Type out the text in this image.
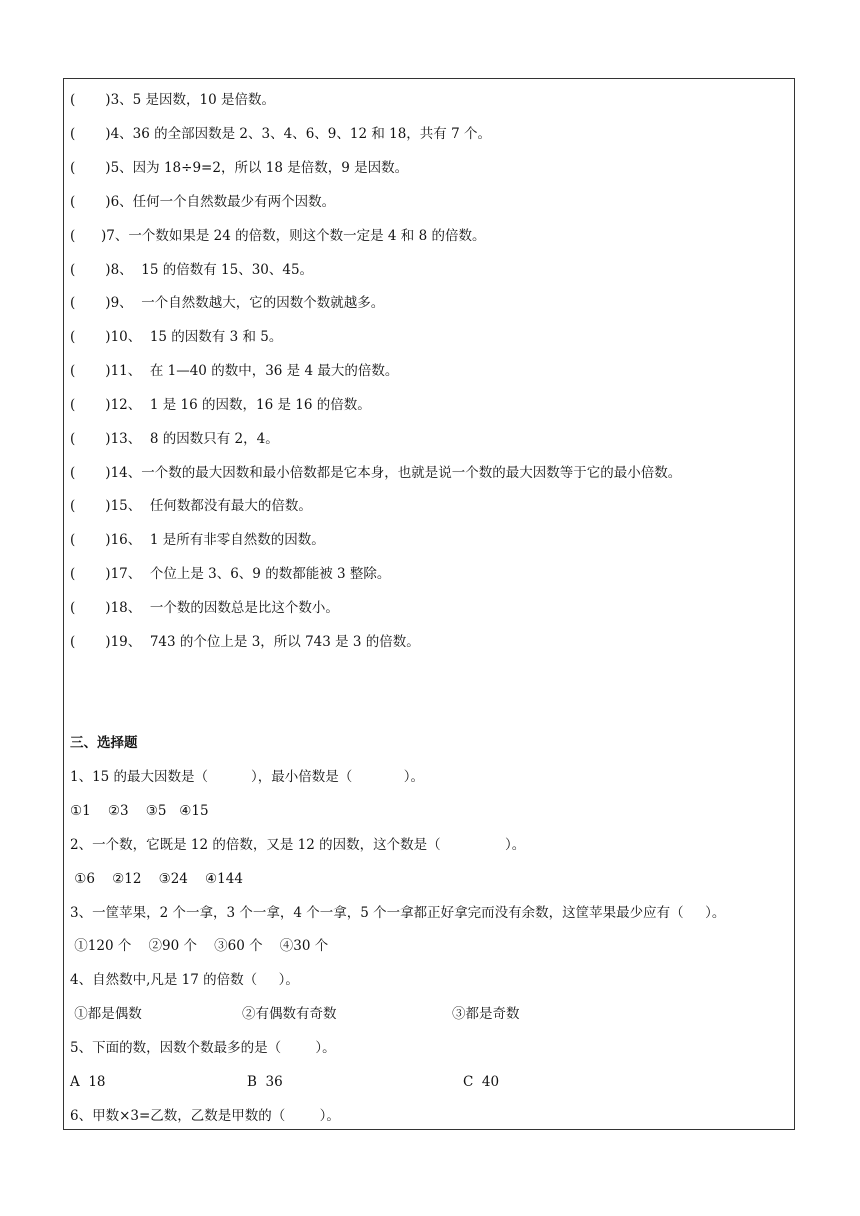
(       ) 3、5 是因数，10 是倍数。
(       ) 4、36 的全部因数是 2、3、4、6、9、12 和 18，共有 7 个。
(       ) 5、因为 18÷9=2，所以 18 是倍数，9 是因数。
(       ) 6、任何一个自然数最少有两个因数。
(      ) 7、一个数如果是 24 的倍数，则这个数一定是 4 和 8 的倍数。
(       ) 8、  15 的倍数有 15、30、45。
(       ) 9、  一个自然数越大，它的因数个数就越多。
(       ) 10、  15 的因数有 3 和 5。
(       ) 11、  在 1—40 的数中，36 是 4 最大的倍数。
(       ) 12、  1 是 16 的因数，16 是 16 的倍数。
(       ) 13、  8 的因数只有 2，4。
(       ) 14、一个数的最大因数和最小倍数都是它本身，也就是说一个数的最大因数等于它的最小倍数。
(       ) 15、  任何数都没有最大的倍数。
(       ) 16、  1 是所有非零自然数的因数。
(       ) 17、  个位上是 3、6、9 的数都能被 3 整除。
(       ) 18、  一个数的因数总是比这个数小。
(       ) 19、  743 的个位上是 3，所以 743 是 3 的倍数。
三、选择题
1、15 的最大因数是（          ），最小倍数是（            ）。
①1    ②3    ③5   ④15
2、一个数，它既是 12 的倍数，又是 12 的因数，这个数是（               ）。
①6    ②12    ③24    ④144
3、一筐苹果，2 个一拿，3 个一拿，4 个一拿，5 个一拿都正好拿完而没有余数，这筐苹果最少应有（     ）。
①120 个    ②90 个    ③60 个    ④30 个
4、自然数中,凡是 17 的倍数（     ）。
①都是偶数	②有偶数有奇数	③都是奇数
5、下面的数，因数个数最多的是（        ）。
A  18	B  36	C  40
6、甲数×3=乙数，乙数是甲数的（        ）。
